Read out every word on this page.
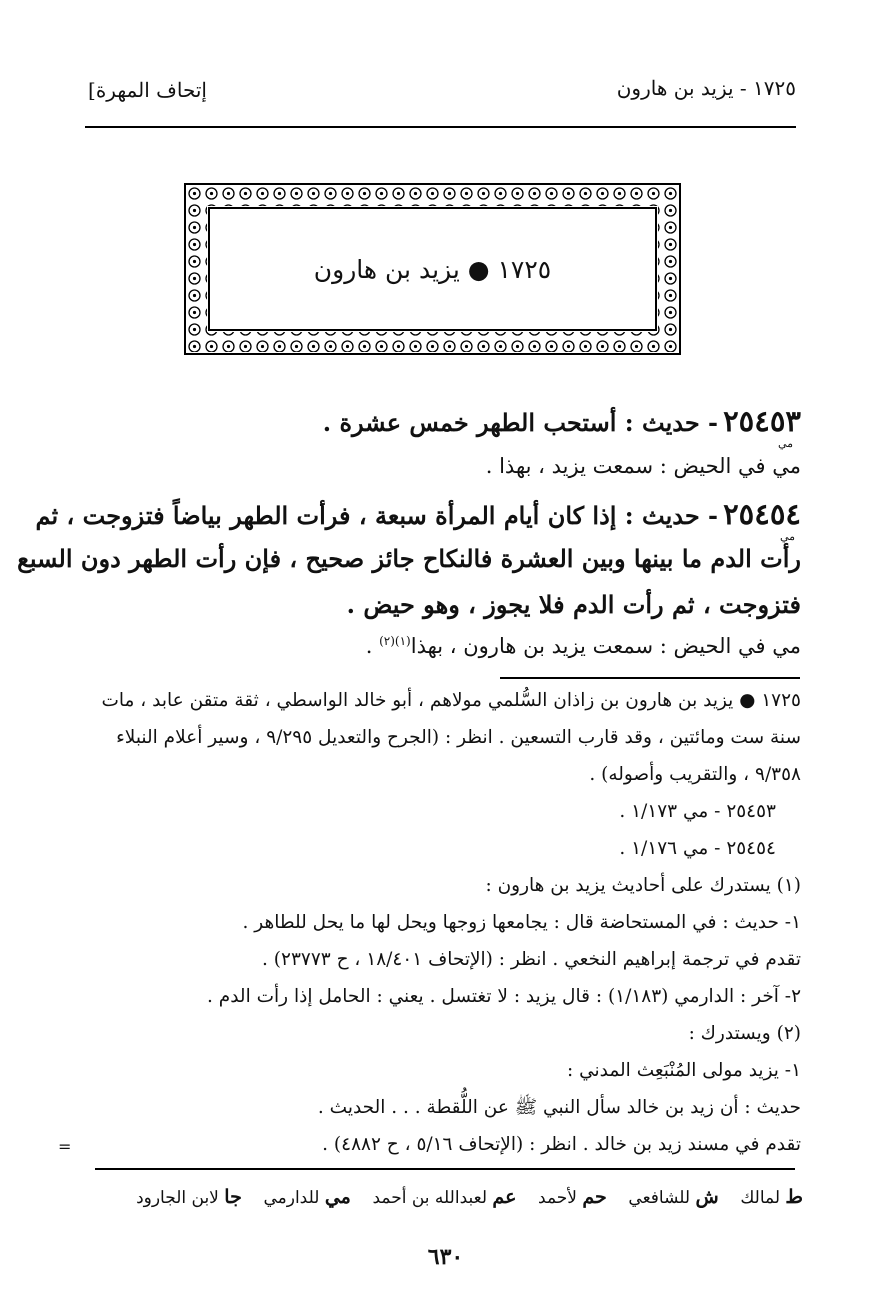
[إتحاف المهرة	١٧٢٥ - يزيد بن هارون
١٧٢٥ ● يزيد بن هارون
٢٥٤٥٣ - حديث : أستحب الطهر خمس عشرة .
مي
مي في الحيض : سمعت يزيد ، بهذا .
٢٥٤٥٤ - حديث : إذا كان أيام المرأة سبعة ، فرأت الطهر بياضاً فتزوجت ، ثم
مي
رأت الدم ما بينها وبين العشرة فالنكاح جائز صحيح ، فإن رأت الطهر دون السبع
فتزوجت ، ثم رأت الدم فلا يجوز ، وهو حيض .
مي في الحيض : سمعت يزيد بن هارون ، بهذا$^{(١)(٢)}$ .
١٧٢٥ ● يزيد بن هارون بن زاذان السُّلمي مولاهم ، أبو خالد الواسطي ، ثقة متقن عابد ، مات
سنة ست ومائتين ، وقد قارب التسعين . انظر : (الجرح والتعديل ٩/٢٩٥ ، وسير أعلام النبلاء
٩/٣٥٨ ، والتقريب وأصوله) .
٢٥٤٥٣ - مي ١/١٧٣ .
٢٥٤٥٤ - مي ١/١٧٦ .
(١) يستدرك على أحاديث يزيد بن هارون :
١- حديث : في المستحاضة قال : يجامعها زوجها ويحل لها ما يحل للطاهر .
تقدم في ترجمة إبراهيم النخعي . انظر : (الإتحاف ١٨/٤٠١ ، ح ٢٣٧٧٣) .
٢- آخر : الدارمي (١/١٨٣) : قال يزيد : لا تغتسل . يعني : الحامل إذا رأت الدم .
(٢) ويستدرك :
١- يزيد مولى المُنْبَعِث المدني :
حديث : أن زيد بن خالد سأل النبي ﷺ عن اللُّقطة . . . الحديث .
تقدم في مسند زيد بن خالد . انظر : (الإتحاف ٥/١٦ ، ح ٤٨٨٢) .
=
ط لمالك    ش للشافعي    حم لأحمد    عم لعبدالله بن أحمد    مي للدارمي    جا لابن الجارود
٦٣٠
